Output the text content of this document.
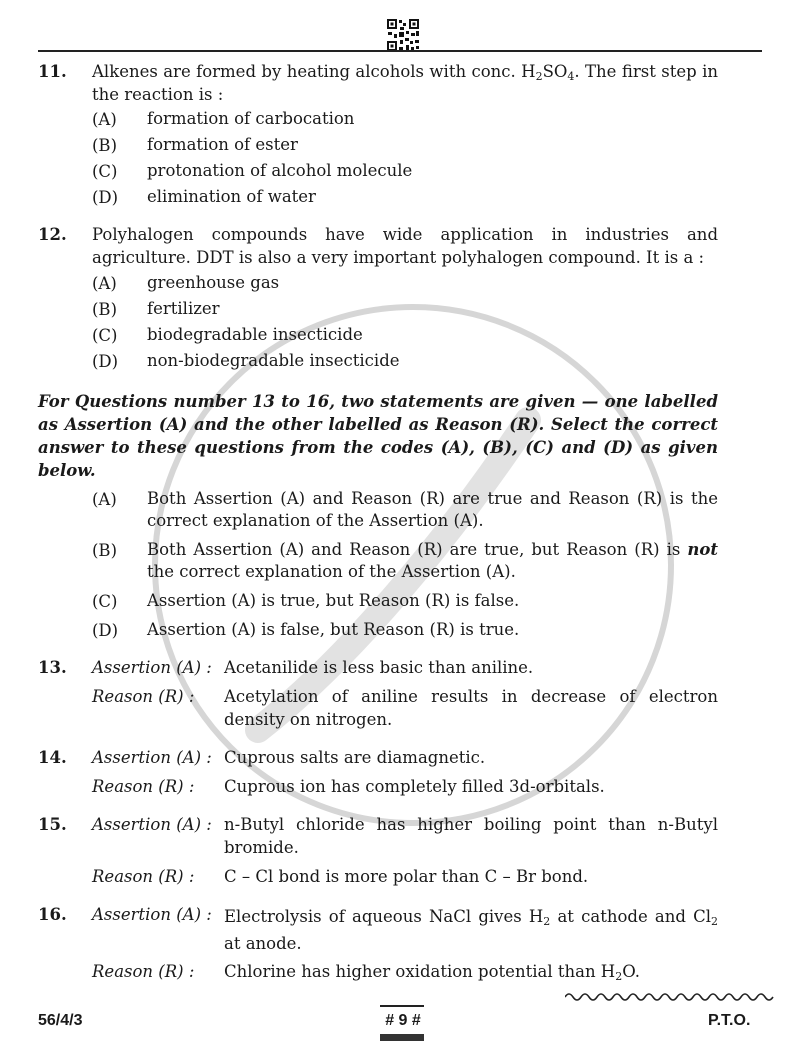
11. Alkenes are formed by heating alcohols with conc. $H_2SO_4$. The first step in the reaction is :
(A) formation of carbocation
(B) formation of ester
(C) protonation of alcohol molecule
(D) elimination of water
12. Polyhalogen compounds have wide application in industries and agriculture. DDT is also a very important polyhalogen compound. It is a :
(A) greenhouse gas
(B) fertilizer
(C) biodegradable insecticide
(D) non-biodegradable insecticide
For Questions number 13 to 16, two statements are given — one labelled as Assertion (A) and the other labelled as Reason (R). Select the correct answer to these questions from the codes (A), (B), (C) and (D) as given below.
(A) Both Assertion (A) and Reason (R) are true and Reason (R) is the correct explanation of the Assertion (A).
(B) Both Assertion (A) and Reason (R) are true, but Reason (R) is not the correct explanation of the Assertion (A).
(C) Assertion (A) is true, but Reason (R) is false.
(D) Assertion (A) is false, but Reason (R) is true.
13. Assertion (A) : Acetanilide is less basic than aniline.
Reason (R) : Acetylation of aniline results in decrease of electron density on nitrogen.
14. Assertion (A) : Cuprous salts are diamagnetic.
Reason (R) : Cuprous ion has completely filled 3d-orbitals.
15. Assertion (A) : n-Butyl chloride has higher boiling point than n-Butyl bromide.
Reason (R) : C – Cl bond is more polar than C – Br bond.
16. Assertion (A) : Electrolysis of aqueous NaCl gives $H_2$ at cathode and $Cl_2$ at anode.
Reason (R) : Chlorine has higher oxidation potential than $H_2O$.
56/4/3	# 9 #	P.T.O.
